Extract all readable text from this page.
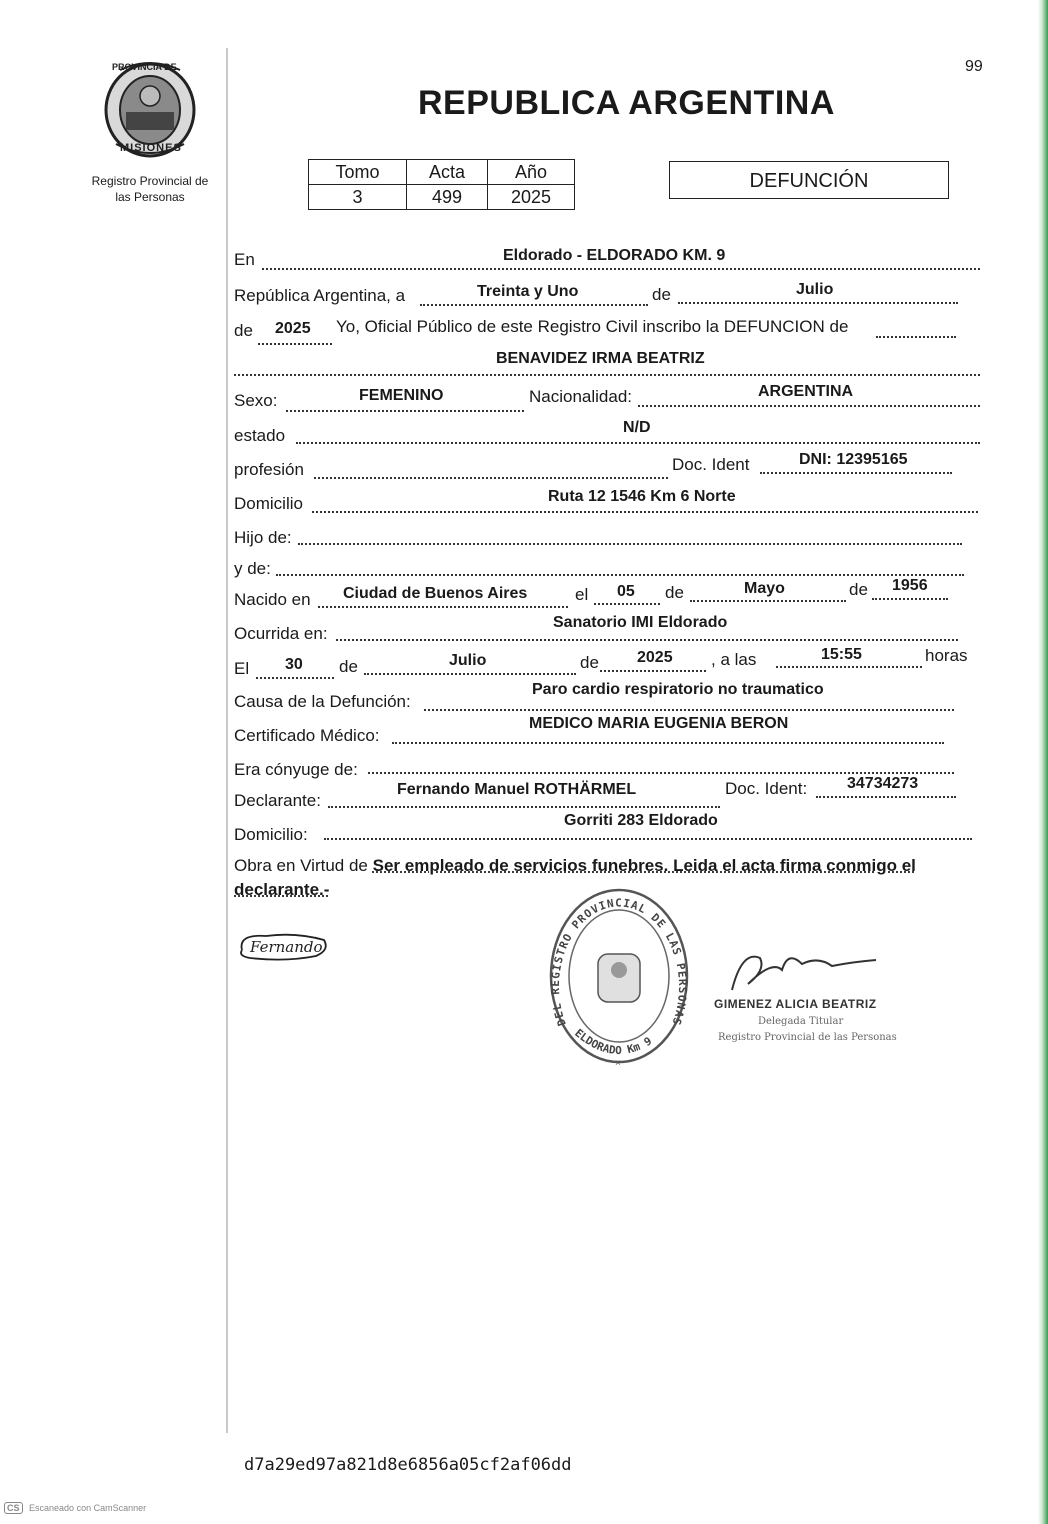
99
PROVINCIA DE
MISIONES
Registro Provincial de
las Personas
REPUBLICA ARGENTINA
Tomo	Acta	Año
3	499	2025
DEFUNCIÓN
En	Eldorado - ELDORADO KM. 9
República Argentina, a	Treinta y Uno	de	Julio
de 2025 Yo, Oficial Público de este Registro Civil inscribo la DEFUNCION de
BENAVIDEZ IRMA BEATRIZ
Sexo:	FEMENINO	Nacionalidad:	ARGENTINA
estado	N/D
profesión	Doc. Ident	DNI: 12395165
Domicilio	Ruta 12 1546 Km 6 Norte
Hijo de:
y de:
Nacido en Ciudad de Buenos Aires	el 05 de	Mayo	de 1956
Ocurrida en:
Sanatorio IMI Eldorado
El 30 de	Julio	de 2025 , a las	15:55	horas
Causa de la Defunción:
Paro cardio respiratorio no traumatico
Certificado Médico:
MEDICO MARIA EUGENIA BERON
Era cónyuge de:
Declarante:
Fernando Manuel ROTHÄRMEL	Doc. Ident: 34734273
Domicilio:
Gorriti 283 Eldorado
Obra en Virtud de Ser empleado de servicios funebres. Leida el acta firma conmigo el
declarante.-
Fernando
DEL REGISTRO PROVINCIAL DE LAS PERSONAS
ELDORADO Km 9
×
GIMENEZ ALICIA BEATRIZ
Delegada Titular
Registro Provincial de las Personas
d7a29ed97a821d8e6856a05cf2af06dd
CS Escaneado con CamScanner
